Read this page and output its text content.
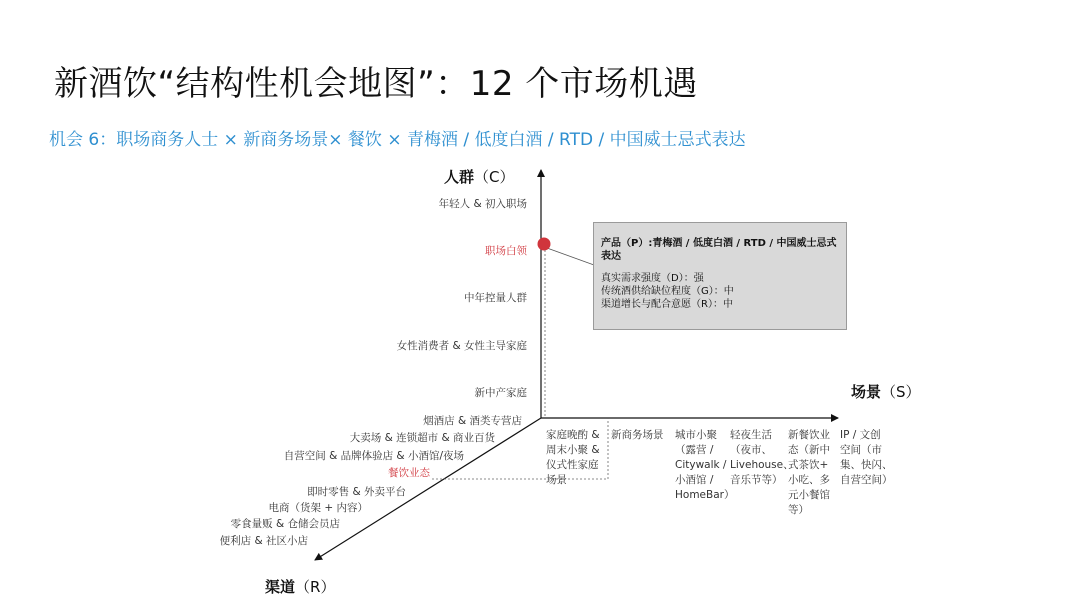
新酒饮“结构性机会地图”：12 个市场机遇
机会 6：职场商务人士 × 新商务场景× 餐饮 × 青梅酒 / 低度白酒 / RTD / 中国威士忌式表达
人群（C）
场景（S）
渠道（R）
年轻人 & 初入职场
职场白领
中年控量人群
女性消费者 & 女性主导家庭
新中产家庭
烟酒店 & 酒类专营店
大卖场 & 连锁超市 & 商业百货
自营空间 & 品牌体验店 & 小酒馆/夜场
餐饮业态
即时零售 & 外卖平台
电商（货架 + 内容）
零食量贩 & 仓储会员店
便利店 & 社区小店
家庭晚酌 &
周末小聚 &
仪式性家庭
场景
新商务场景 城市小聚
（露营 /
Citywalk /
小酒馆 /
HomeBar）
轻夜生活
（夜市、
Livehouse、
音乐节等）
新餐饮业
态（新中
式茶饮+
小吃、多
元小餐馆
等）
IP / 文创
空间（市
集、快闪、
自营空间）
产品（P）:青梅酒 / 低度白酒 / RTD / 中国威士忌式表达
真实需求强度（D）：强
传统酒供给缺位程度（G）：中
渠道增长与配合意愿（R）：中
